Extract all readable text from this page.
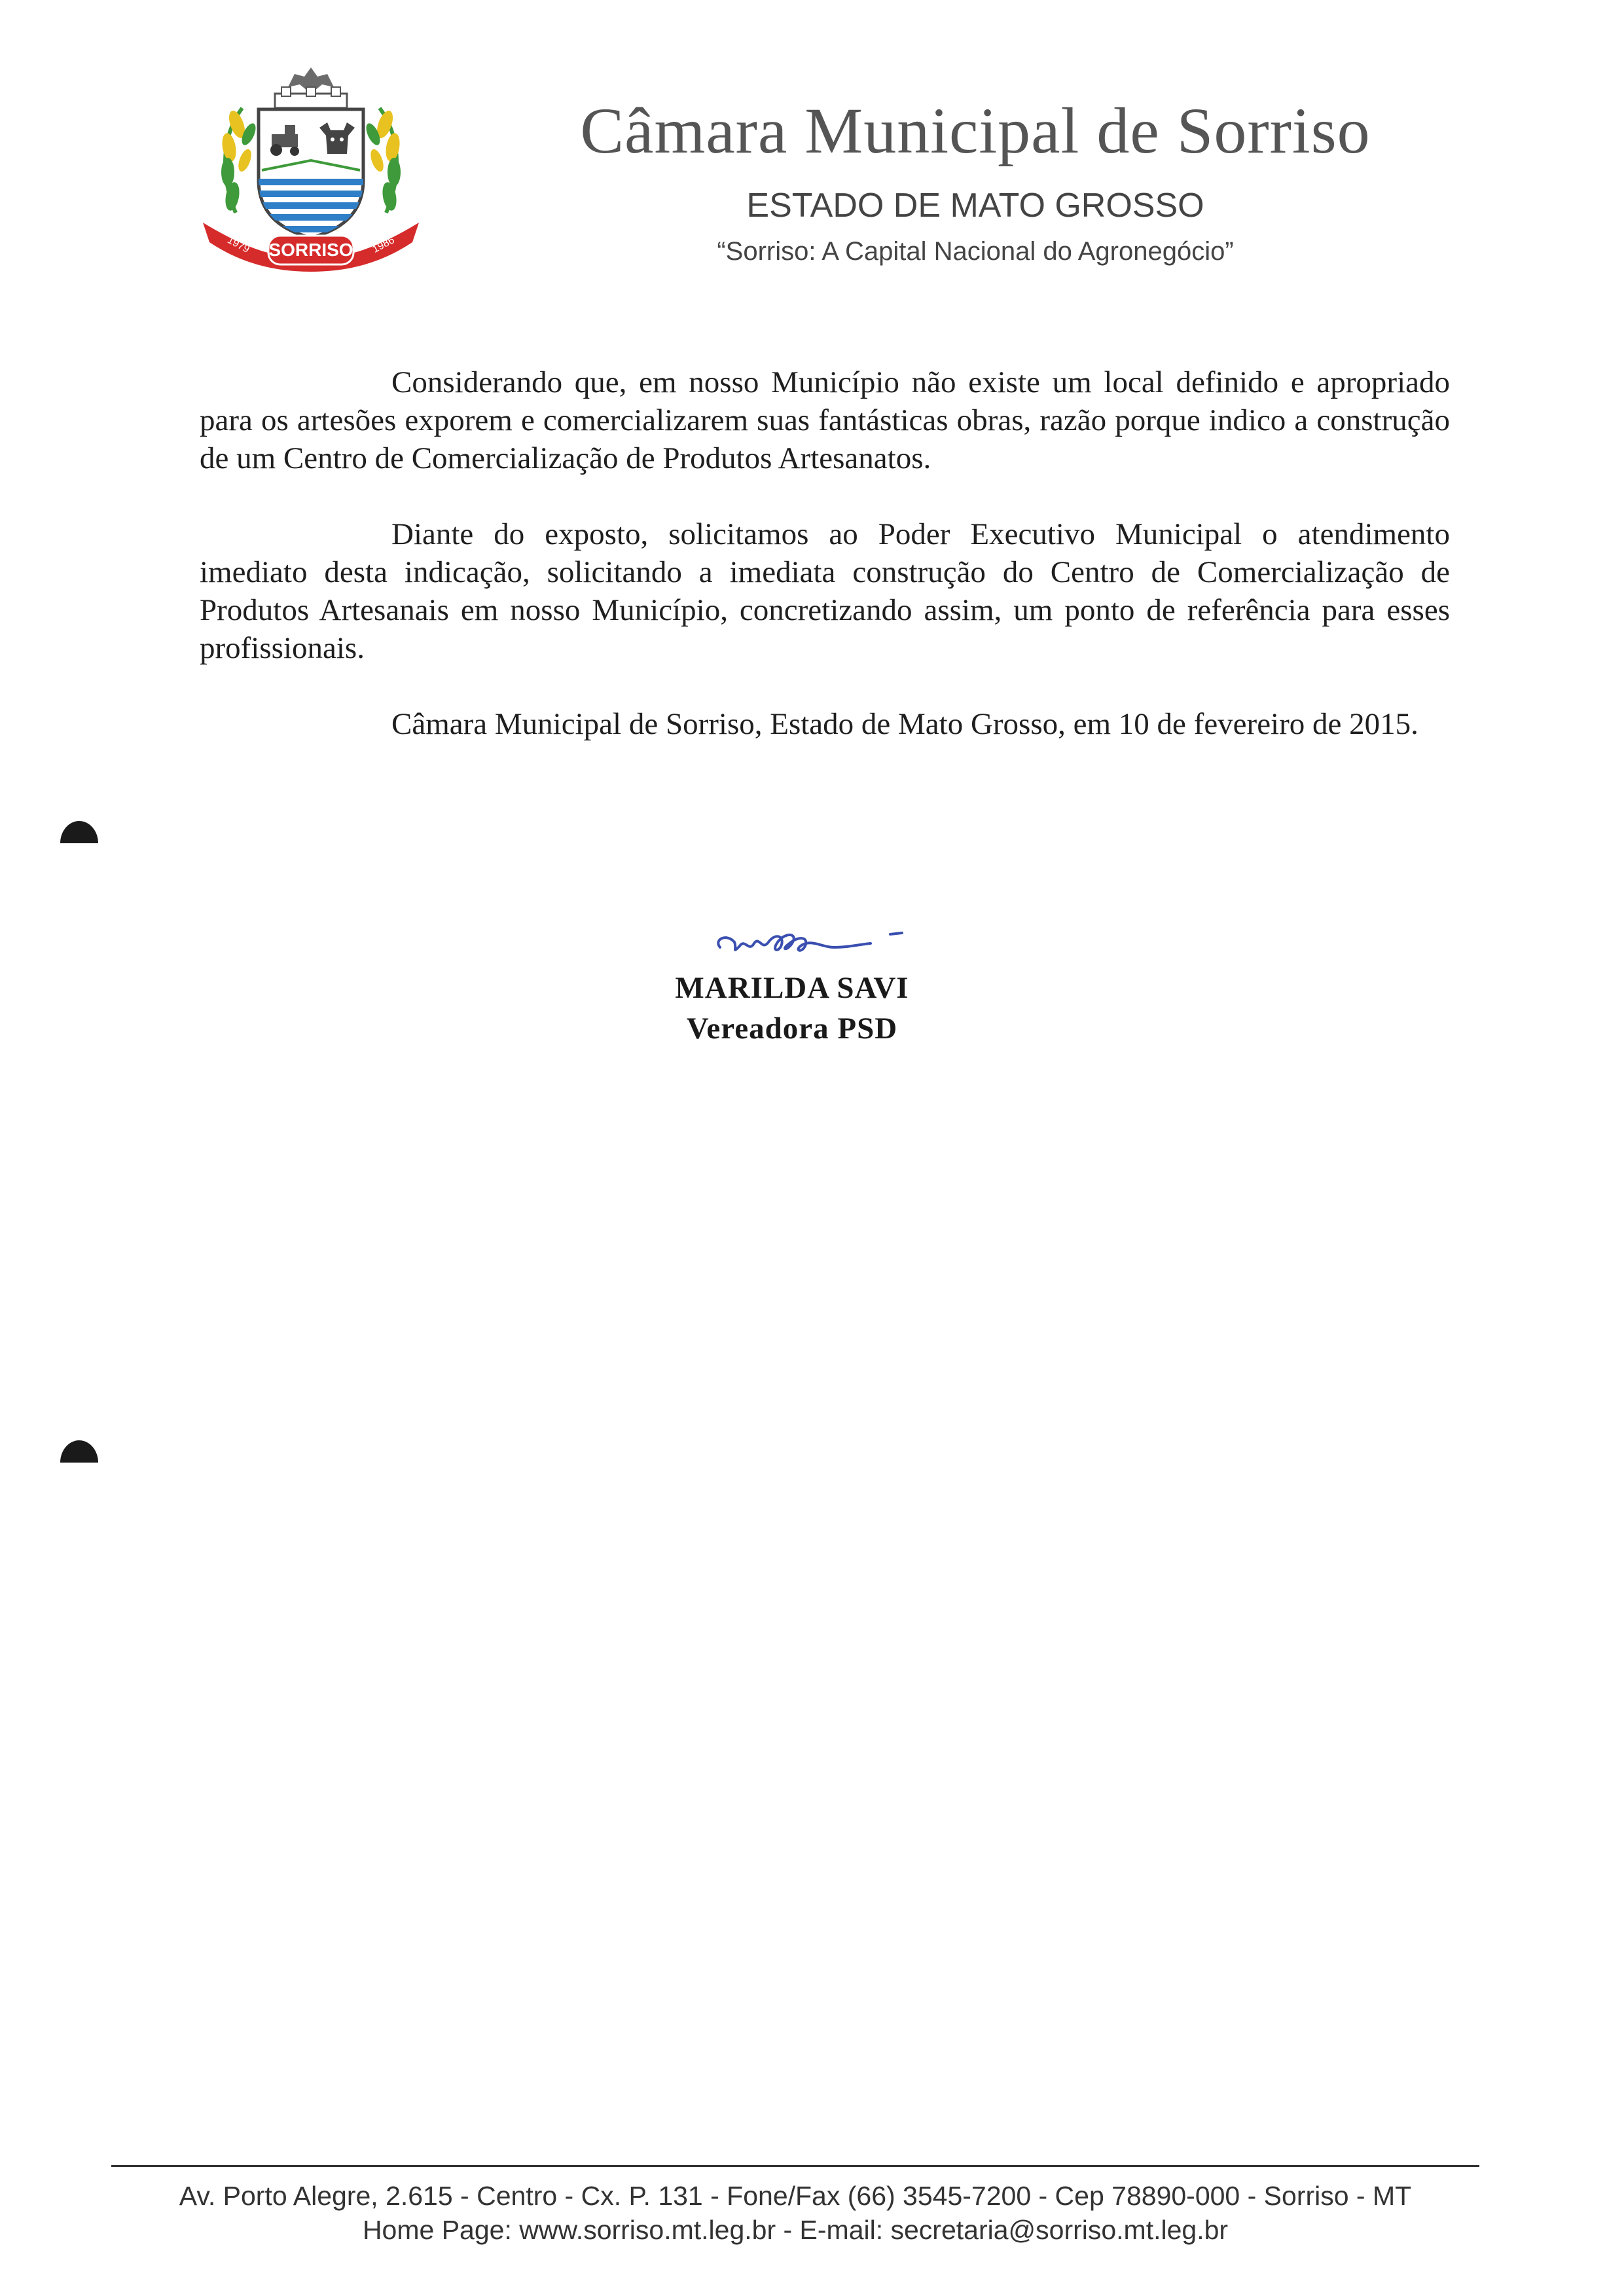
SORRISO
1979	1986
Câmara Municipal de Sorriso
ESTADO DE MATO GROSSO
“Sorriso: A Capital Nacional do Agronegócio”

Considerando que, em nosso Município não existe um local definido e apropriado para os artesões exporem e comercializarem suas fantásticas obras, razão porque indico a construção de um Centro de Comercialização de Produtos Artesanatos.

Diante do exposto, solicitamos ao Poder Executivo Municipal o atendimento imediato desta indicação, solicitando a imediata construção do Centro de Comercialização de Produtos Artesanais em nosso Município, concretizando assim, um ponto de referência para esses profissionais.

Câmara Municipal de Sorriso, Estado de Mato Grosso, em 10 de fevereiro de 2015.

MARILDA SAVI
Vereadora PSD
Av. Porto Alegre, 2.615 - Centro - Cx. P. 131 - Fone/Fax (66) 3545-7200 - Cep 78890-000 - Sorriso - MT
Home Page: www.sorriso.mt.leg.br - E-mail: secretaria@sorriso.mt.leg.br
